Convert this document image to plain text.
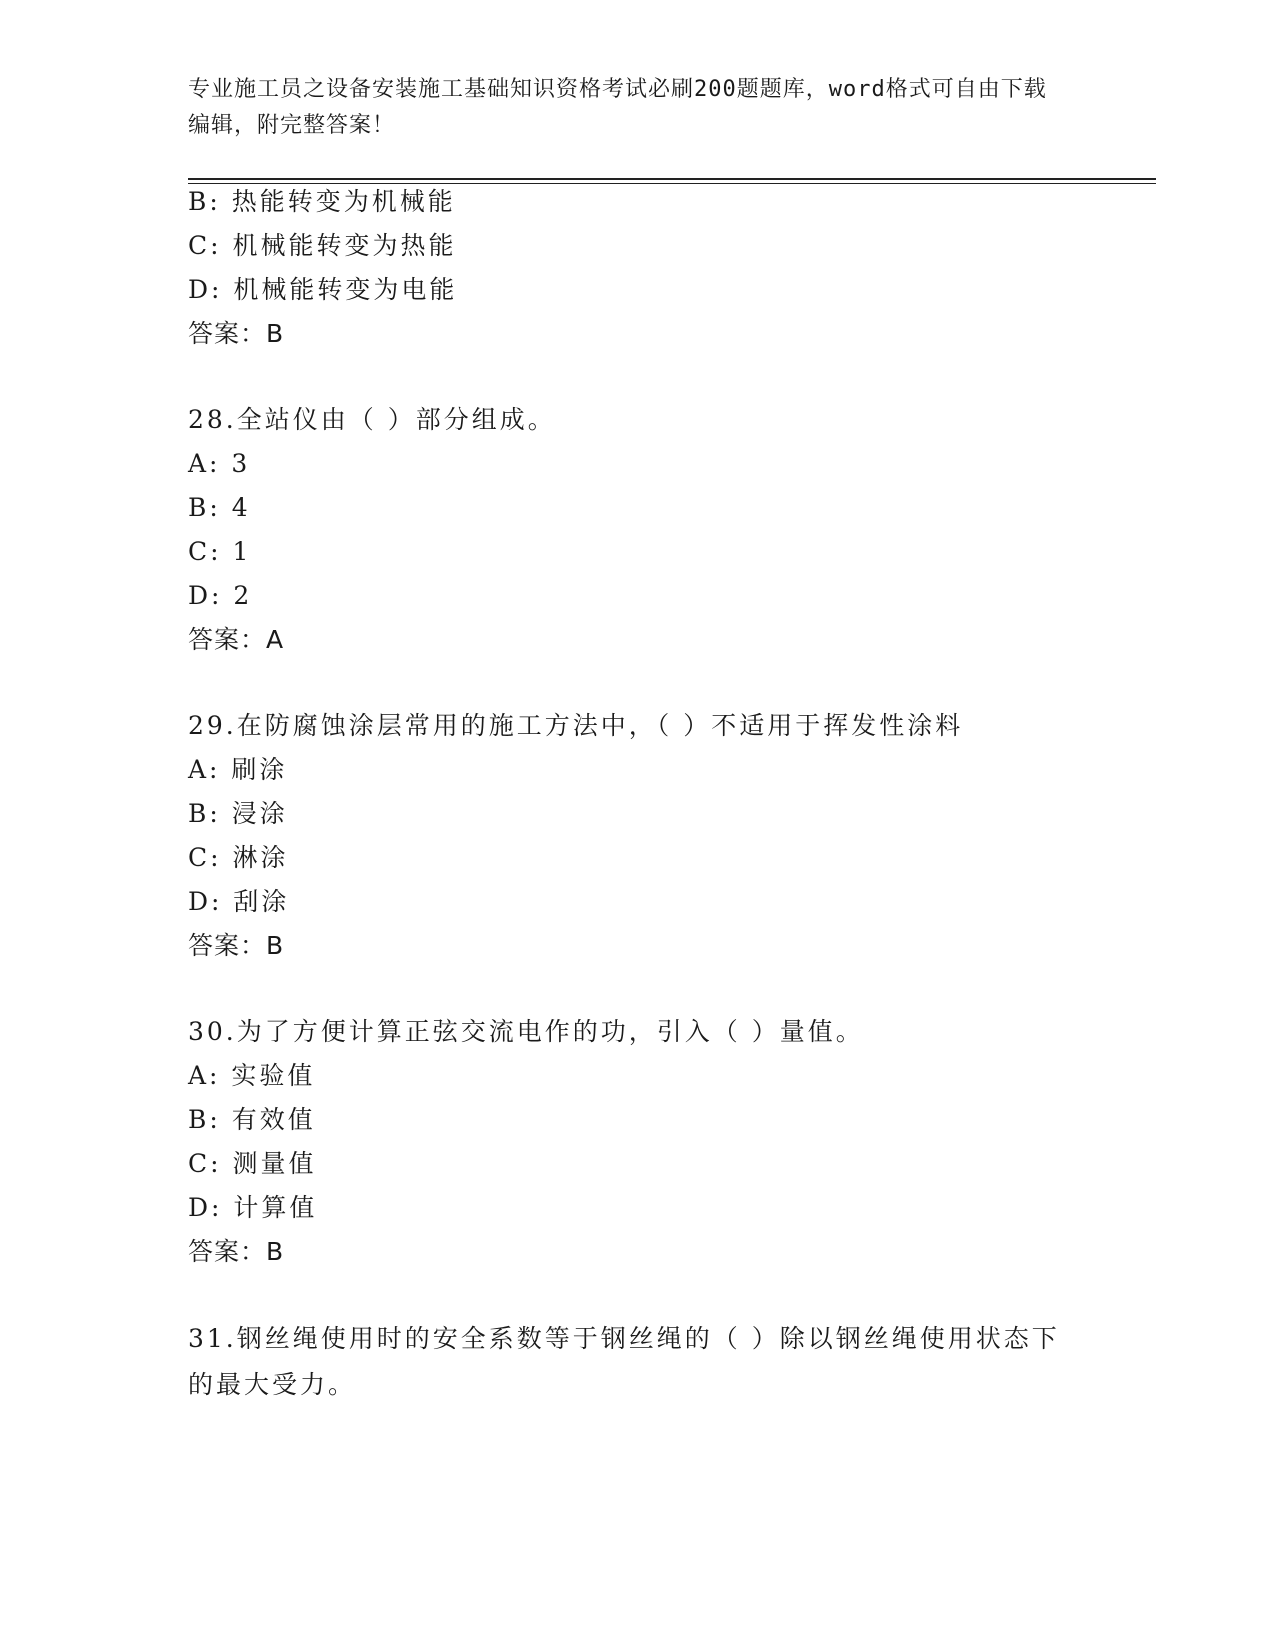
专业施工员之设备安装施工基础知识资格考试必刷200题题库，word格式可自由下载编辑，附完整答案！
B: 热能转变为机械能
C: 机械能转变为热能
D: 机械能转变为电能
答案：B
28.全站仪由（ ）部分组成。
A: 3
B: 4
C: 1
D: 2
答案：A
29.在防腐蚀涂层常用的施工方法中，（ ）不适用于挥发性涂料
A: 刷涂
B: 浸涂
C: 淋涂
D: 刮涂
答案：B
30.为了方便计算正弦交流电作的功，引入（ ）量值。
A: 实验值
B: 有效值
C: 测量值
D: 计算值
答案：B
31.钢丝绳使用时的安全系数等于钢丝绳的（ ）除以钢丝绳使用状态下的最大受力。
